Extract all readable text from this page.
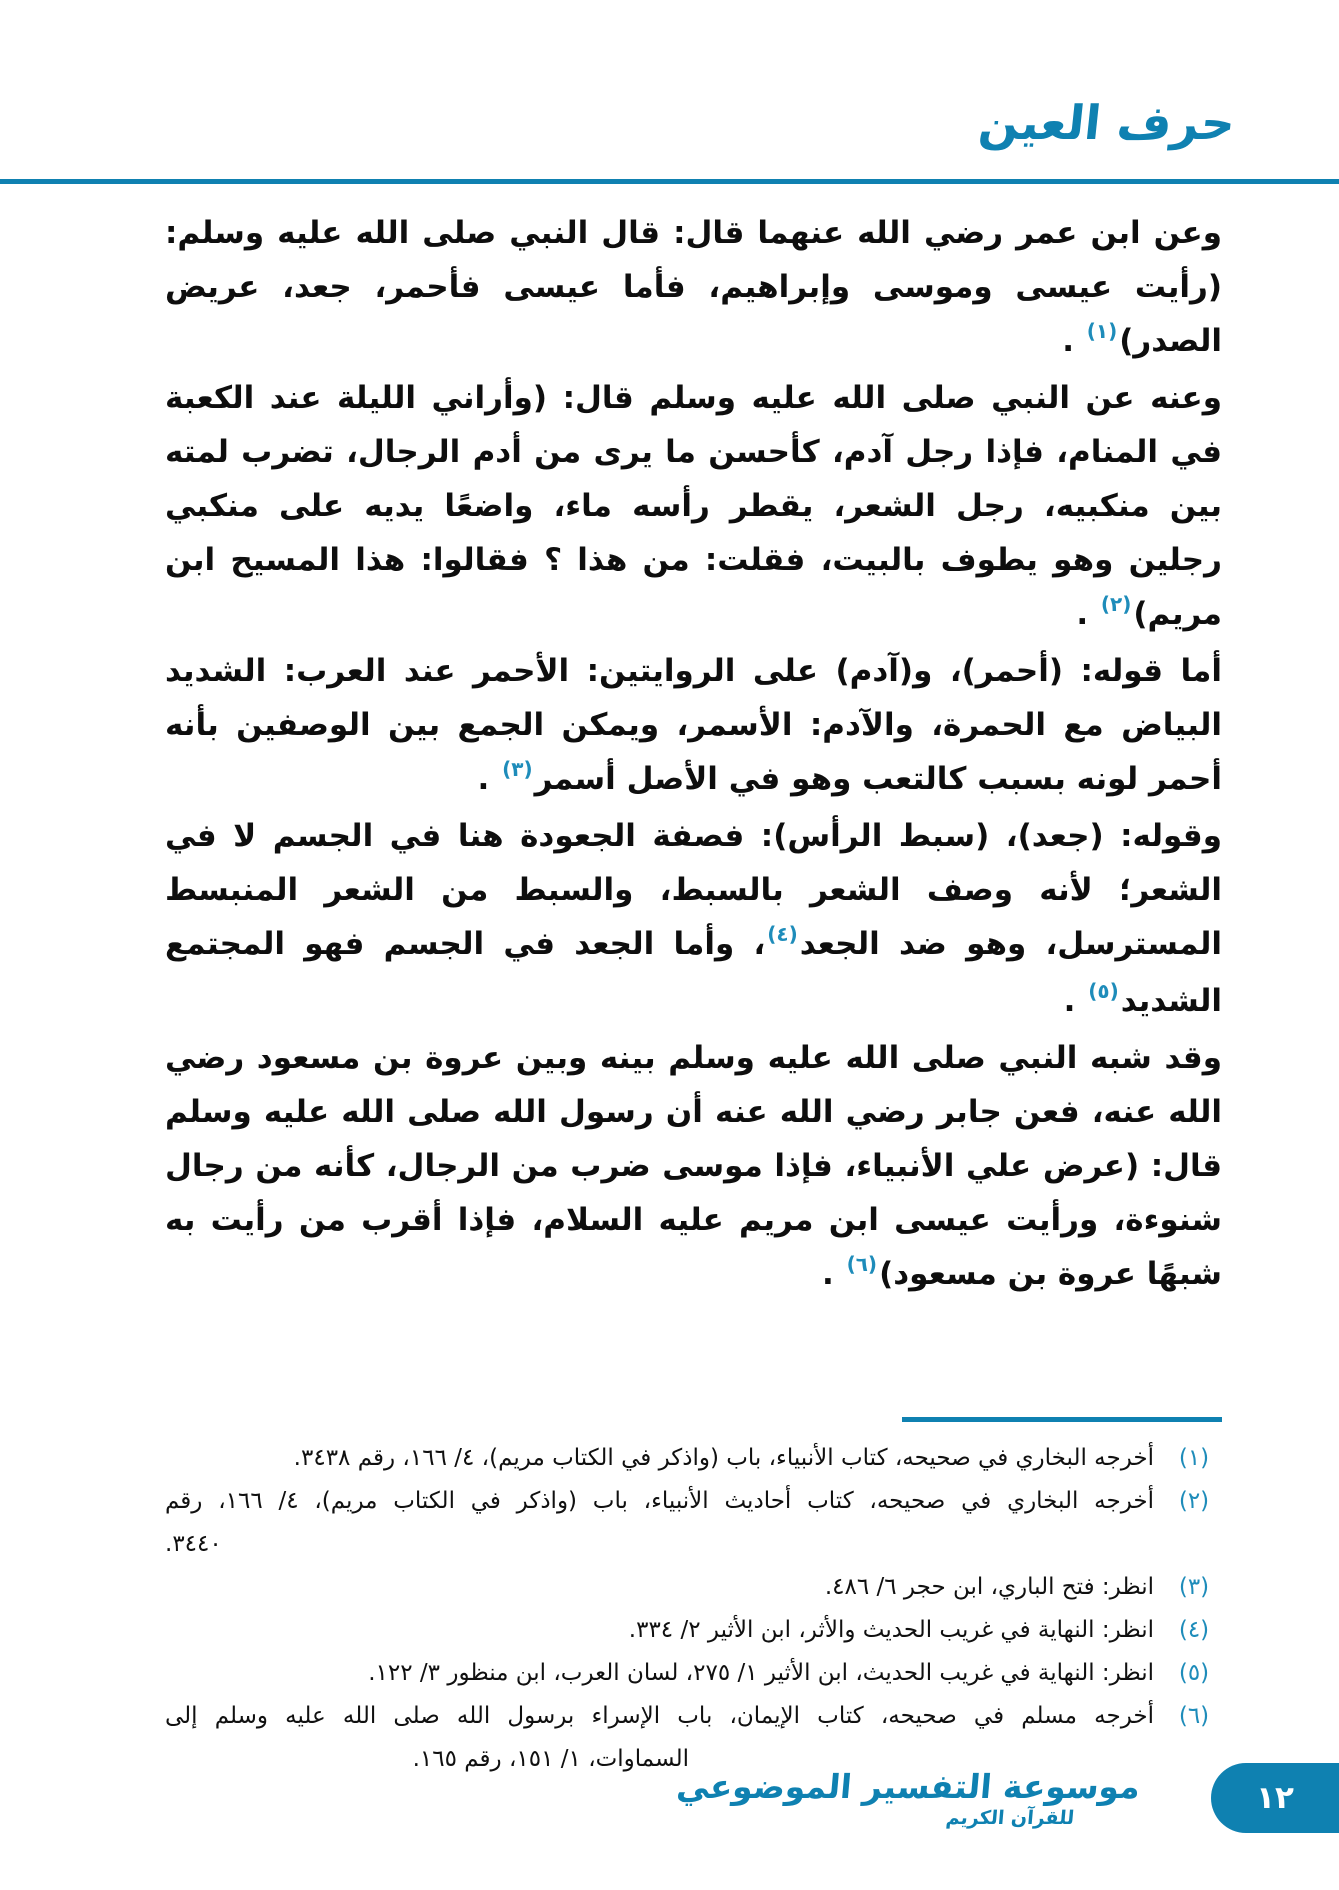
حرف العين

وعن ابن عمر رضي الله عنهما قال: قال النبي صلى الله عليه وسلم: (رأيت عيسى وموسى وإبراهيم، فأما عيسى فأحمر، جعد، عريض الصدر)$^{(١)}$ .

وعنه عن النبي صلى الله عليه وسلم قال: (وأراني الليلة عند الكعبة في المنام، فإذا رجل آدم، كأحسن ما يرى من أدم الرجال، تضرب لمته بين منكبيه، رجل الشعر، يقطر رأسه ماء، واضعًا يديه على منكبي رجلين وهو يطوف بالبيت، فقلت: من هذا ؟ فقالوا: هذا المسيح ابن مريم)$^{(٢)}$ .

أما قوله: (أحمر)، و(آدم) على الروايتين: الأحمر عند العرب: الشديد البياض مع الحمرة، والآدم: الأسمر، ويمكن الجمع بين الوصفين بأنه أحمر لونه بسبب كالتعب وهو في الأصل أسمر$^{(٣)}$ .

وقوله: (جعد)، (سبط الرأس): فصفة الجعودة هنا في الجسم لا في الشعر؛ لأنه وصف الشعر بالسبط، والسبط من الشعر المنبسط المسترسل، وهو ضد الجعد$^{(٤)}$، وأما الجعد في الجسم فهو المجتمع الشديد$^{(٥)}$ .

وقد شبه النبي صلى الله عليه وسلم بينه وبين عروة بن مسعود رضي الله عنه، فعن جابر رضي الله عنه أن رسول الله صلى الله عليه وسلم قال: (عرض علي الأنبياء، فإذا موسى ضرب من الرجال، كأنه من رجال شنوءة، ورأيت عيسى ابن مريم عليه السلام، فإذا أقرب من رأيت به شبهًا عروة بن مسعود)$^{(٦)}$ .

(١)
أخرجه البخاري في صحيحه، كتاب الأنبياء، باب (واذكر في الكتاب مريم)، ٤/ ١٦٦، رقم ٣٤٣٨.
(٢)
أخرجه البخاري في صحيحه، كتاب أحاديث الأنبياء، باب (واذكر في الكتاب مريم)، ٤/ ١٦٦، رقم
٣٤٤٠.
(٣)
انظر: فتح الباري، ابن حجر ٦/ ٤٨٦.
(٤)
انظر: النهاية في غريب الحديث والأثر، ابن الأثير ٢/ ٣٣٤.
(٥)
انظر: النهاية في غريب الحديث، ابن الأثير ١/ ٢٧٥، لسان العرب، ابن منظور ٣/ ١٢٢.
(٦)
أخرجه مسلم في صحيحه، كتاب الإيمان، باب الإسراء برسول الله صلى الله عليه وسلم إلى
السماوات، ١/ ١٥١، رقم ١٦٥.
موسوعة التفسير الموضوعي
للقرآن الكريم
١٢
